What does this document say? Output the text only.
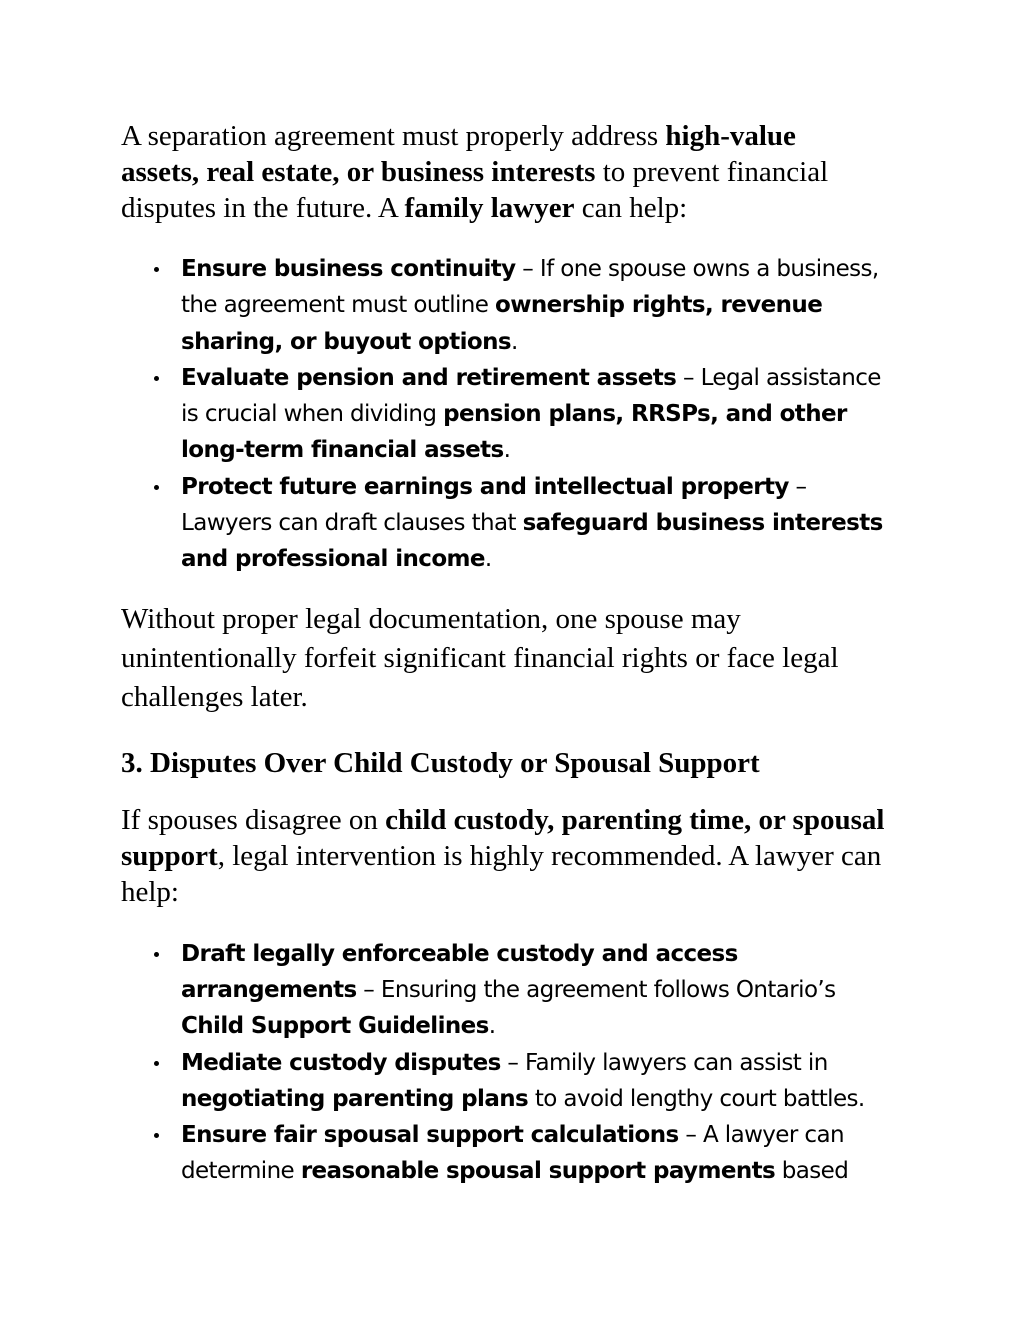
A separation agreement must properly address high-value assets, real estate, or business interests to prevent financial disputes in the future. A family lawyer can help:

Ensure business continuity – If one spouse owns a business, the agreement must outline ownership rights, revenue sharing, or buyout options.
Evaluate pension and retirement assets – Legal assistance is crucial when dividing pension plans, RRSPs, and other long-term financial assets.
Protect future earnings and intellectual property – Lawyers can draft clauses that safeguard business interests and professional income.

Without proper legal documentation, one spouse may unintentionally forfeit significant financial rights or face legal challenges later.

3. Disputes Over Child Custody or Spousal Support

If spouses disagree on child custody, parenting time, or spousal support, legal intervention is highly recommended. A lawyer can help:

Draft legally enforceable custody and access arrangements – Ensuring the agreement follows Ontario’s Child Support Guidelines.
Mediate custody disputes – Family lawyers can assist in negotiating parenting plans to avoid lengthy court battles.
Ensure fair spousal support calculations – A lawyer can determine reasonable spousal support payments based
